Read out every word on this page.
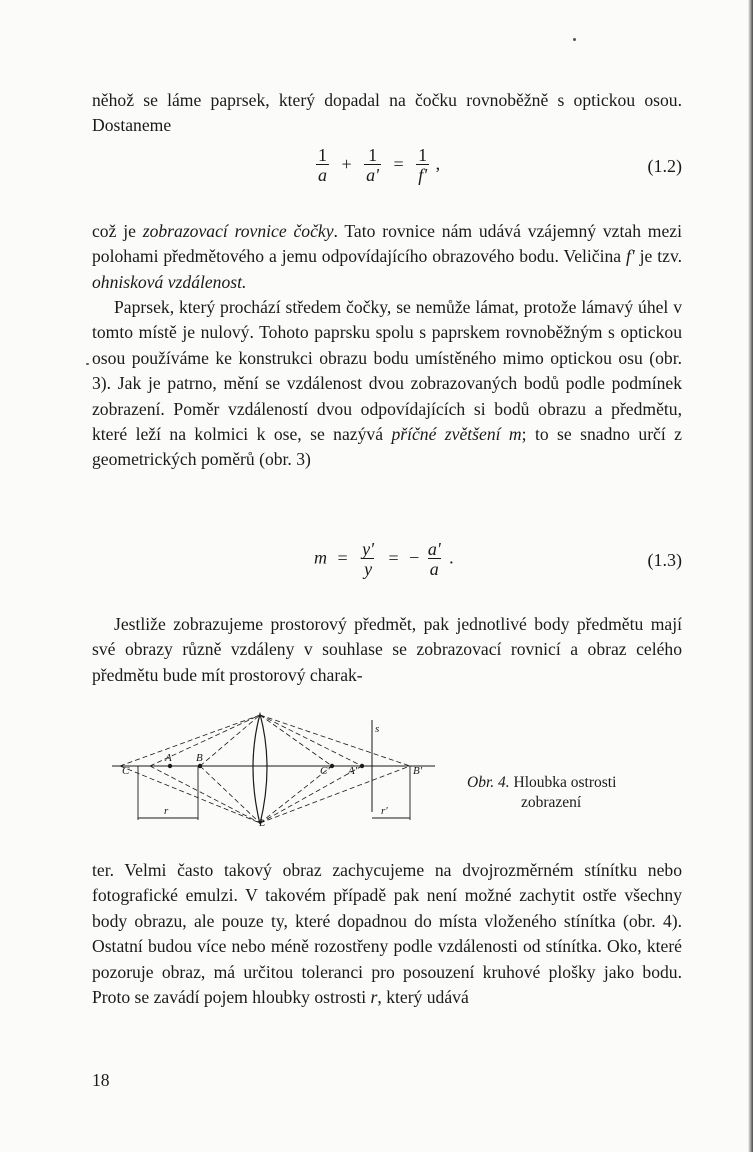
něhož se láme paprsek, který dopadal na čočku rovnoběžně s optickou osou. Dostaneme

$\frac{1}{a} + \frac{1}{a'} = \frac{1}{f'}$ ,	(1.2)

což je zobrazovací rovnice čočky. Tato rovnice nám udává vzájemný vztah mezi polohami předmětového a jemu odpovídajícího obrazového bodu. Veličina f' je tzv. ohnisková vzdálenost.

Paprsek, který prochází středem čočky, se nemůže lámat, protože lámavý úhel v tomto místě je nulový. Tohoto paprsku spolu s paprskem rovnoběžným s optickou osou používáme ke konstrukci obrazu bodu umístěného mimo optickou osu (obr. 3). Jak je patrno, mění se vzdálenost dvou zobrazovaných bodů podle podmínek zobrazení. Poměr vzdáleností dvou odpovídajících si bodů obrazu a předmětu, které leží na kolmici k ose, se nazývá příčné zvětšení m; to se snadno určí z geometrických poměrů (obr. 3)

$m = \frac{y'}{y}$ = − $\frac{a'}{a}$ .	(1.3)

Jestliže zobrazujeme prostorový předmět, pak jednotlivé body předmětu mají své obrazy různě vzdáleny v souhlase se zobrazovací rovnicí a obraz celého předmětu bude mít prostorový charak-

C
A B
L
s
r	r'
C' A'	B'
Obr. 4. Hloubka ostrosti
zobrazení

ter. Velmi často takový obraz zachycujeme na dvojrozměrném stínítku nebo fotografické emulzi. V takovém případě pak není možné zachytit ostře všechny body obrazu, ale pouze ty, které dopadnou do místa vloženého stínítka (obr. 4). Ostatní budou více nebo méně rozostřeny podle vzdálenosti od stínítka. Oko, které pozoruje obraz, má určitou toleranci pro posouzení kruhové plošky jako bodu. Proto se zavádí pojem hloubky ostrosti r, který udává

18
